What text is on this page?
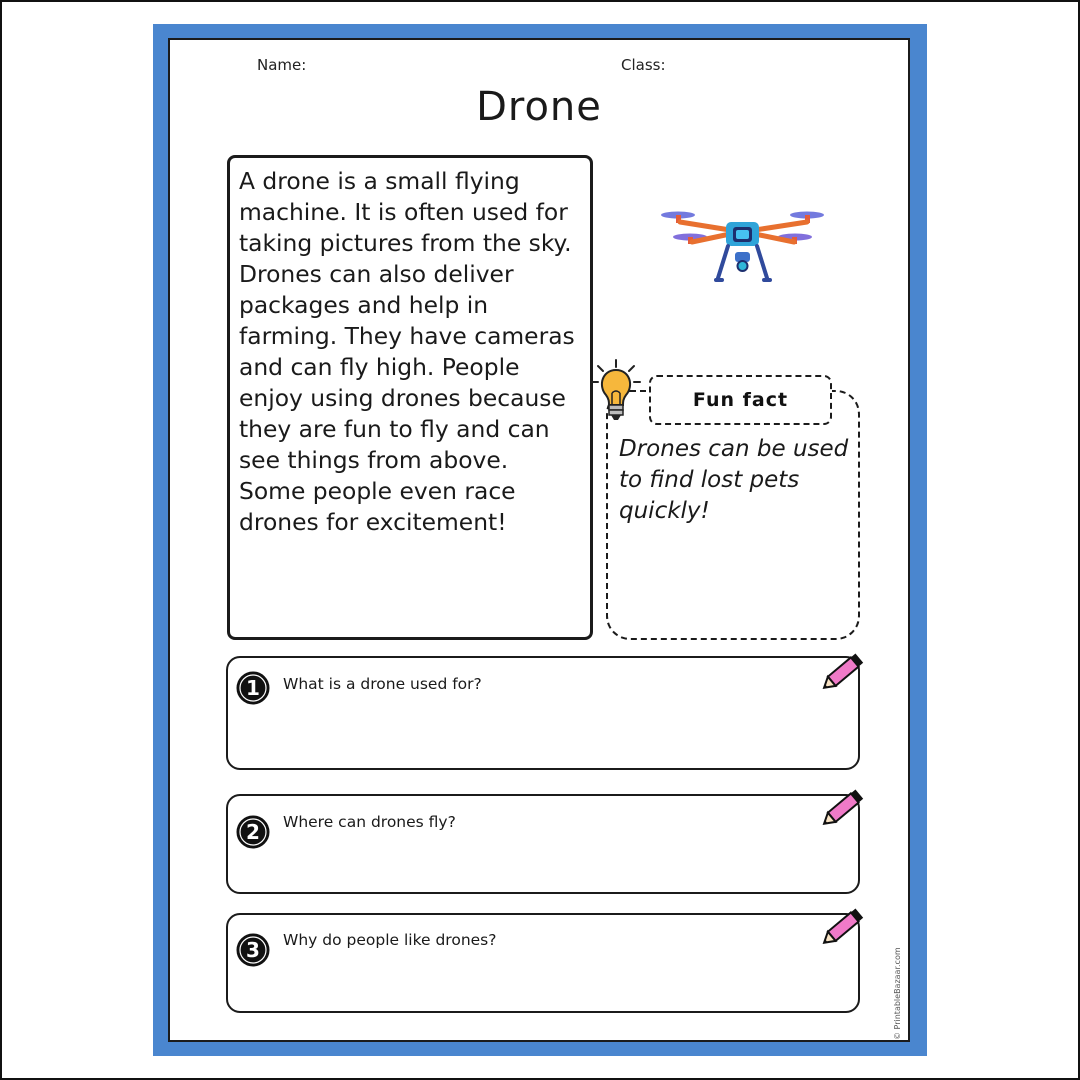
Name:	Class:
Drone

A drone is a small flying machine. It is often used for taking pictures from the sky. Drones can also deliver packages and help in farming. They have cameras and can fly high. People enjoy using drones because they are fun to fly and can see things from above. Some people even race drones for excitement!

Fun fact

Drones can be used to find lost pets quickly!

1 What is a drone used for?
2 Where can drones fly?
3 Why do people like drones?
© PrintableBazaar.com
